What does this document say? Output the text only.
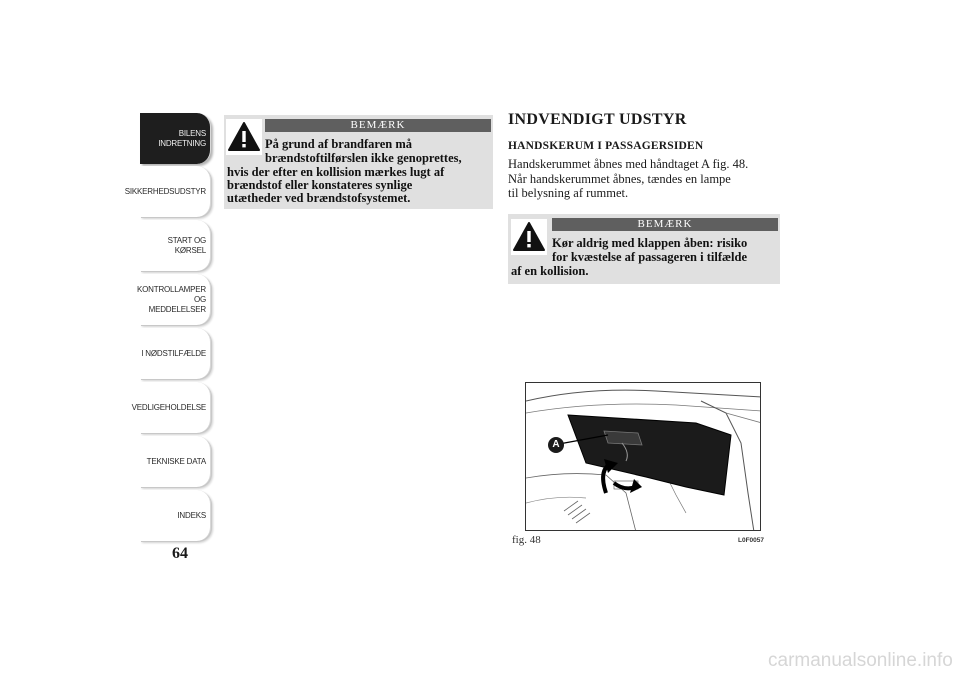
BILENS
INDRETNING
SIKKERHEDSUDSTYR
START OG KØRSEL
KONTROLLAMPER
OG MEDDELELSER
I NØDSTILFÆLDE
VEDLIGEHOLDELSE
TEKNISKE DATA
INDEKS
64
BEMÆRK
På grund af brandfaren må
brændstoftilførslen ikke genoprettes,
hvis der efter en kollision mærkes lugt af
brændstof eller konstateres synlige
utætheder ved brændstofsystemet.
INDVENDIGT UDSTYR
HANDSKERUM I PASSAGERSIDEN
Handskerummet åbnes med håndtaget A fig. 48.
Når handskerummet åbnes, tændes en lampe
til belysning af rummet.
BEMÆRK
Kør aldrig med klappen åben: risiko
for kvæstelse af passageren i tilfælde
af en kollision.
A
fig. 48	L0F0057
carmanualsonline.info
